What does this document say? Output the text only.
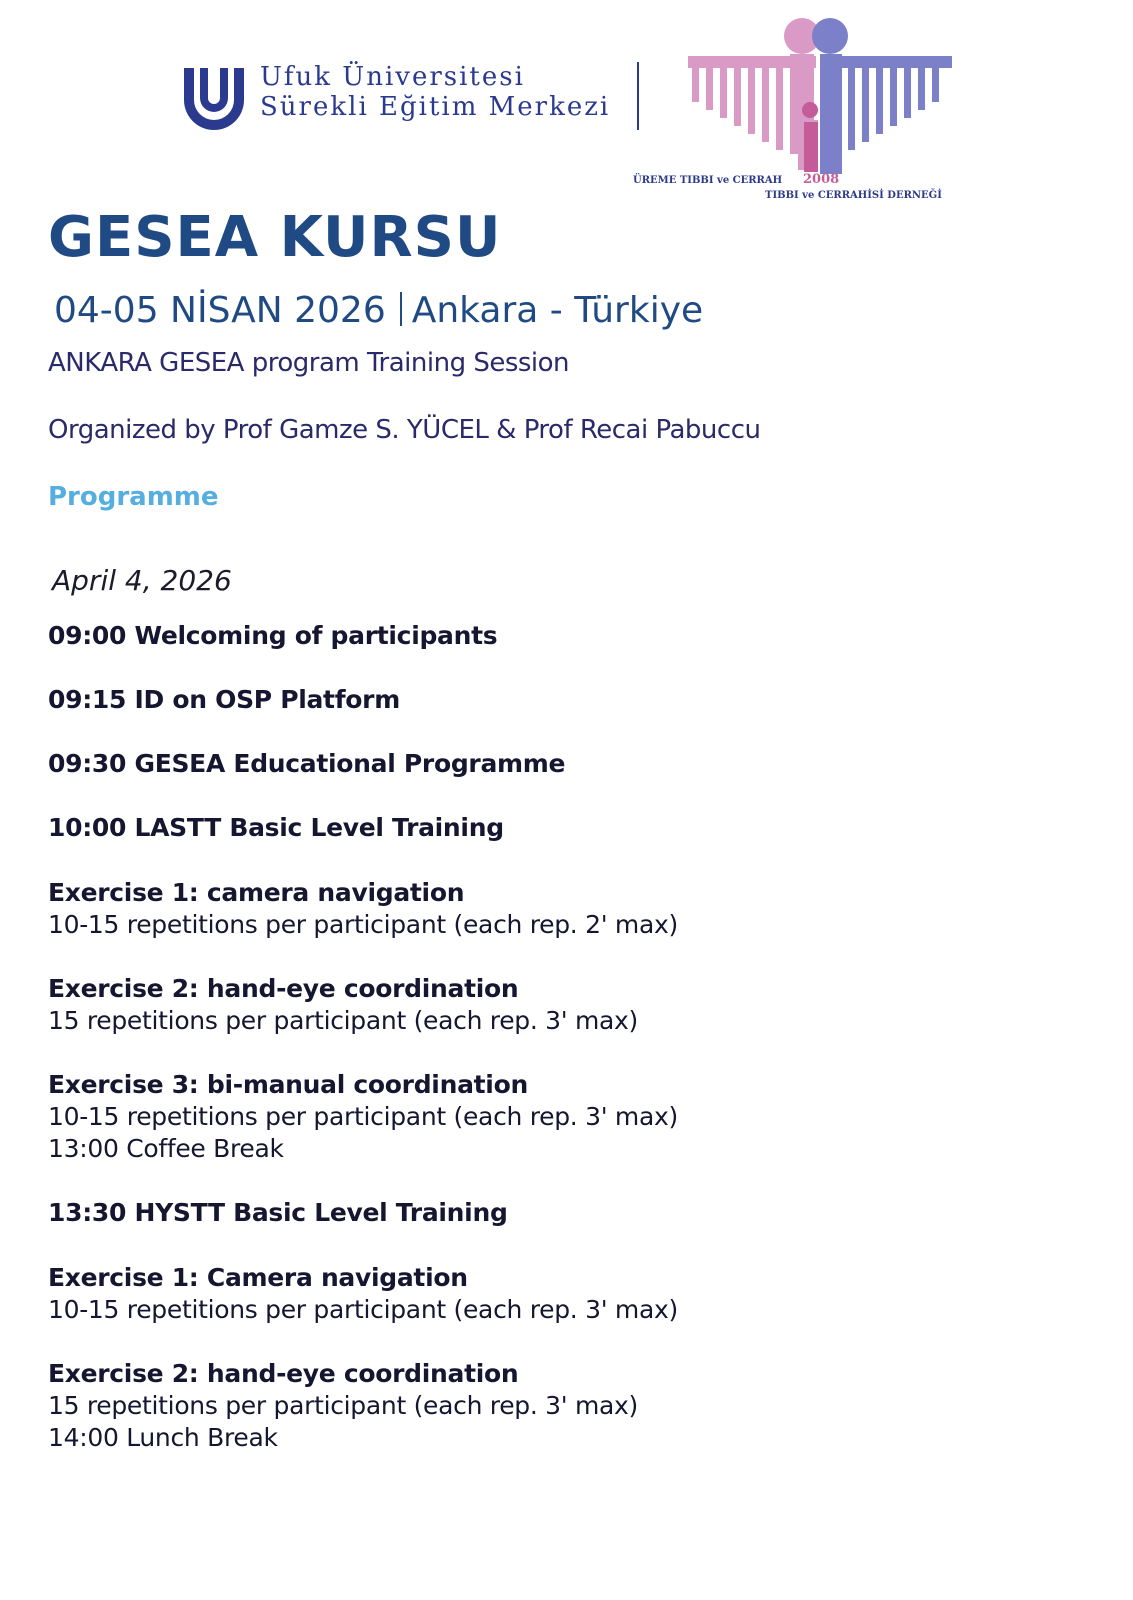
Ufuk Üniversitesi
Sürekli Eğitim Merkezi
ÜREME TIBBI ve CERRAH 2008
TIBBI ve CERRAHİSİ DERNEĞİ
GESEA KURSU
04-05 NİSAN 2026 Ankara - Türkiye
ANKARA GESEA program Training Session
Organized by Prof Gamze S. YÜCEL & Prof Recai Pabuccu
Programme
April 4, 2026
09:00 Welcoming of participants
09:15 ID on OSP Platform
09:30 GESEA Educational Programme
10:00 LASTT Basic Level Training
Exercise 1: camera navigation
10-15 repetitions per participant (each rep. 2' max)
Exercise 2: hand-eye coordination
15 repetitions per participant (each rep. 3' max)
Exercise 3: bi-manual coordination
10-15 repetitions per participant (each rep. 3' max)
13:00 Coffee Break
13:30 HYSTT Basic Level Training
Exercise 1: Camera navigation
10-15 repetitions per participant (each rep. 3' max)
Exercise 2: hand-eye coordination
15 repetitions per participant (each rep. 3' max)
14:00 Lunch Break
